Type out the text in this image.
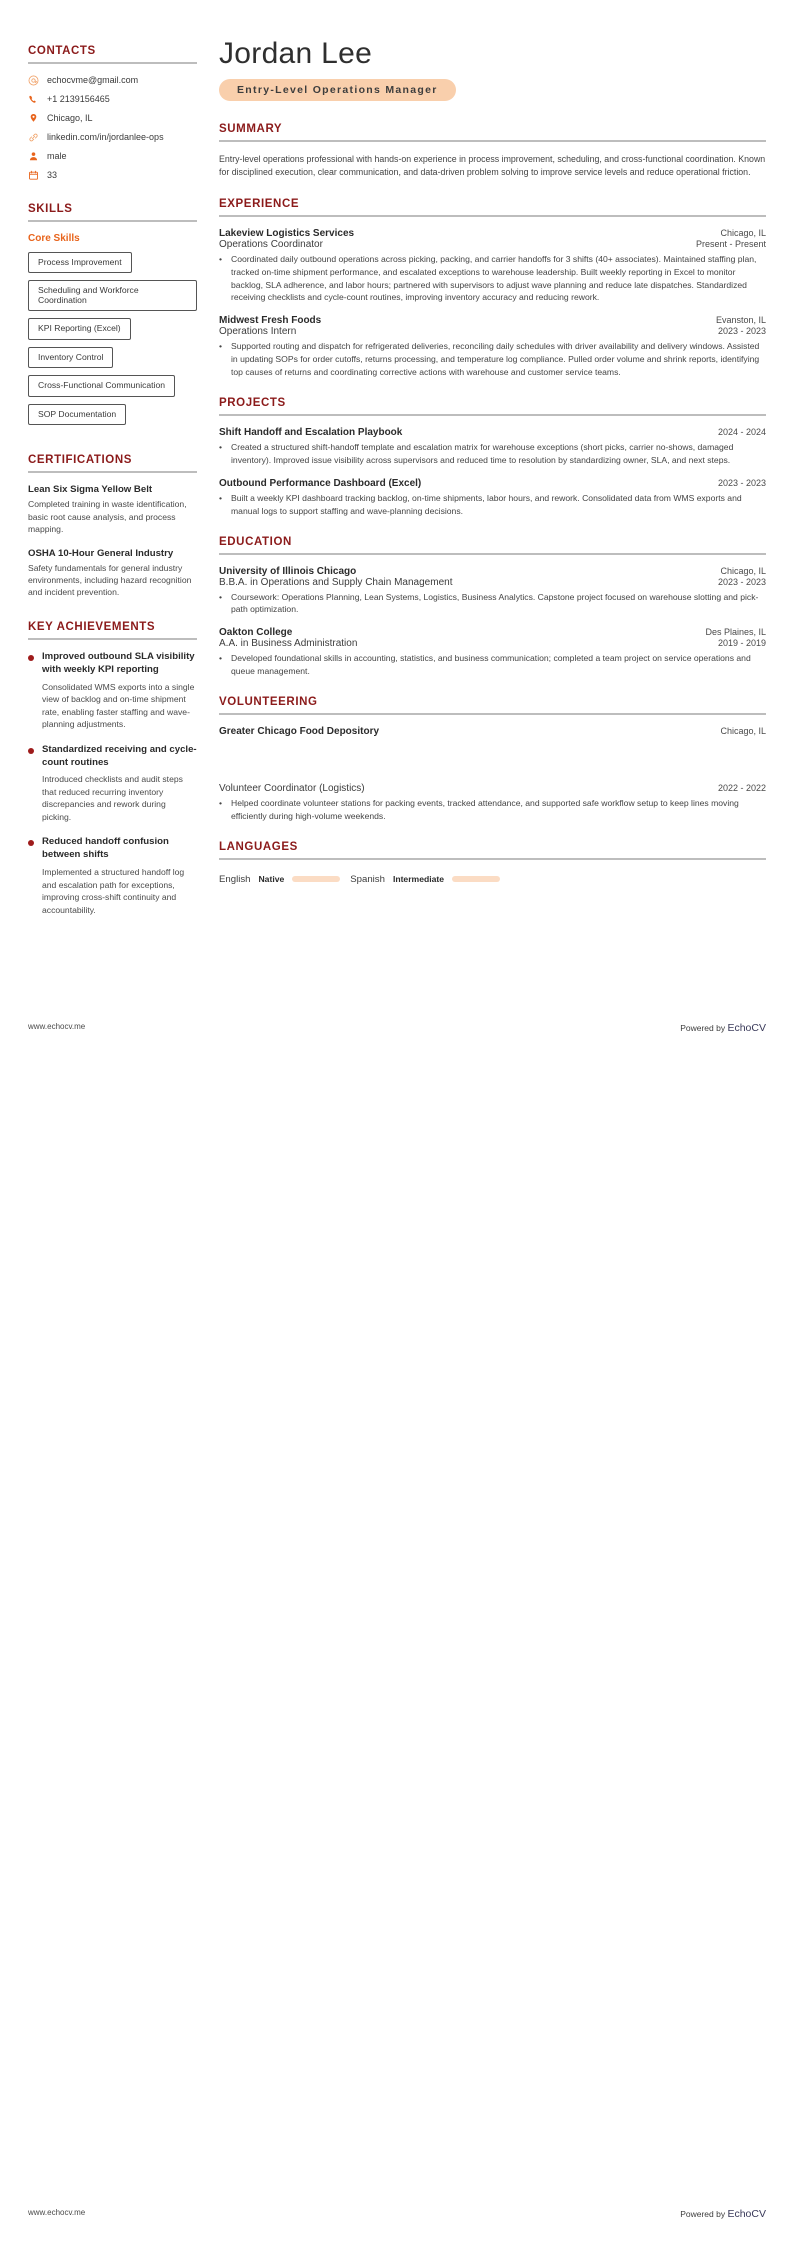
CONTACTS
echocvme@gmail.com
+1 2139156465
Chicago, IL
linkedin.com/in/jordanlee-ops
male
33
SKILLS
Core Skills
Process Improvement
Scheduling and Workforce Coordination
KPI Reporting (Excel)
Inventory Control
Cross-Functional Communication
SOP Documentation
CERTIFICATIONS
Lean Six Sigma Yellow Belt
Completed training in waste identification, basic root cause analysis, and process mapping.
OSHA 10-Hour General Industry
Safety fundamentals for general industry environments, including hazard recognition and incident prevention.
KEY ACHIEVEMENTS
Improved outbound SLA visibility with weekly KPI reporting
Consolidated WMS exports into a single view of backlog and on-time shipment rate, enabling faster staffing and wave-planning adjustments.
Standardized receiving and cycle-count routines
Introduced checklists and audit steps that reduced recurring inventory discrepancies and rework during picking.
Reduced handoff confusion between shifts
Implemented a structured handoff log and escalation path for exceptions, improving cross-shift continuity and accountability.
Jordan Lee
Entry-Level Operations Manager
SUMMARY
Entry-level operations professional with hands-on experience in process improvement, scheduling, and cross-functional coordination. Known for disciplined execution, clear communication, and data-driven problem solving to improve service levels and reduce operational friction.
EXPERIENCE
Lakeview Logistics Services	Chicago, IL
Operations Coordinator	Present - Present
•	Coordinated daily outbound operations across picking, packing, and carrier handoffs for 3 shifts (40+ associates). Maintained staffing plan, tracked on-time shipment performance, and escalated exceptions to warehouse leadership. Built weekly reporting in Excel to monitor backlog, SLA adherence, and labor hours; partnered with supervisors to adjust wave planning and reduce late dispatches. Standardized receiving checklists and cycle-count routines, improving inventory accuracy and reducing rework.
Midwest Fresh Foods	Evanston, IL
Operations Intern	2023 - 2023
•	Supported routing and dispatch for refrigerated deliveries, reconciling daily schedules with driver availability and delivery windows. Assisted in updating SOPs for order cutoffs, returns processing, and temperature log compliance. Pulled order volume and shrink reports, identifying top causes of returns and coordinating corrective actions with warehouse and customer service teams.
PROJECTS
Shift Handoff and Escalation Playbook	2024 - 2024
•	Created a structured shift-handoff template and escalation matrix for warehouse exceptions (short picks, carrier no-shows, damaged inventory). Improved issue visibility across supervisors and reduced time to resolution by standardizing owner, SLA, and next steps.
Outbound Performance Dashboard (Excel)	2023 - 2023
•	Built a weekly KPI dashboard tracking backlog, on-time shipments, labor hours, and rework. Consolidated data from WMS exports and manual logs to support staffing and wave-planning decisions.
EDUCATION
University of Illinois Chicago	Chicago, IL
B.B.A. in Operations and Supply Chain Management	2023 - 2023
•	Coursework: Operations Planning, Lean Systems, Logistics, Business Analytics. Capstone project focused on warehouse slotting and pick-path optimization.
Oakton College	Des Plaines, IL
A.A. in Business Administration	2019 - 2019
•	Developed foundational skills in accounting, statistics, and business communication; completed a team project on service operations and queue management.
VOLUNTEERING
Greater Chicago Food Depository	Chicago, IL
Volunteer Coordinator (Logistics)	2022 - 2022
•	Helped coordinate volunteer stations for packing events, tracked attendance, and supported safe workflow setup to keep lines moving efficiently during high-volume weekends.
LANGUAGES
English Native	Spanish Intermediate
www.echocv.me	Powered by EchoCV
www.echocv.me	Powered by EchoCV
